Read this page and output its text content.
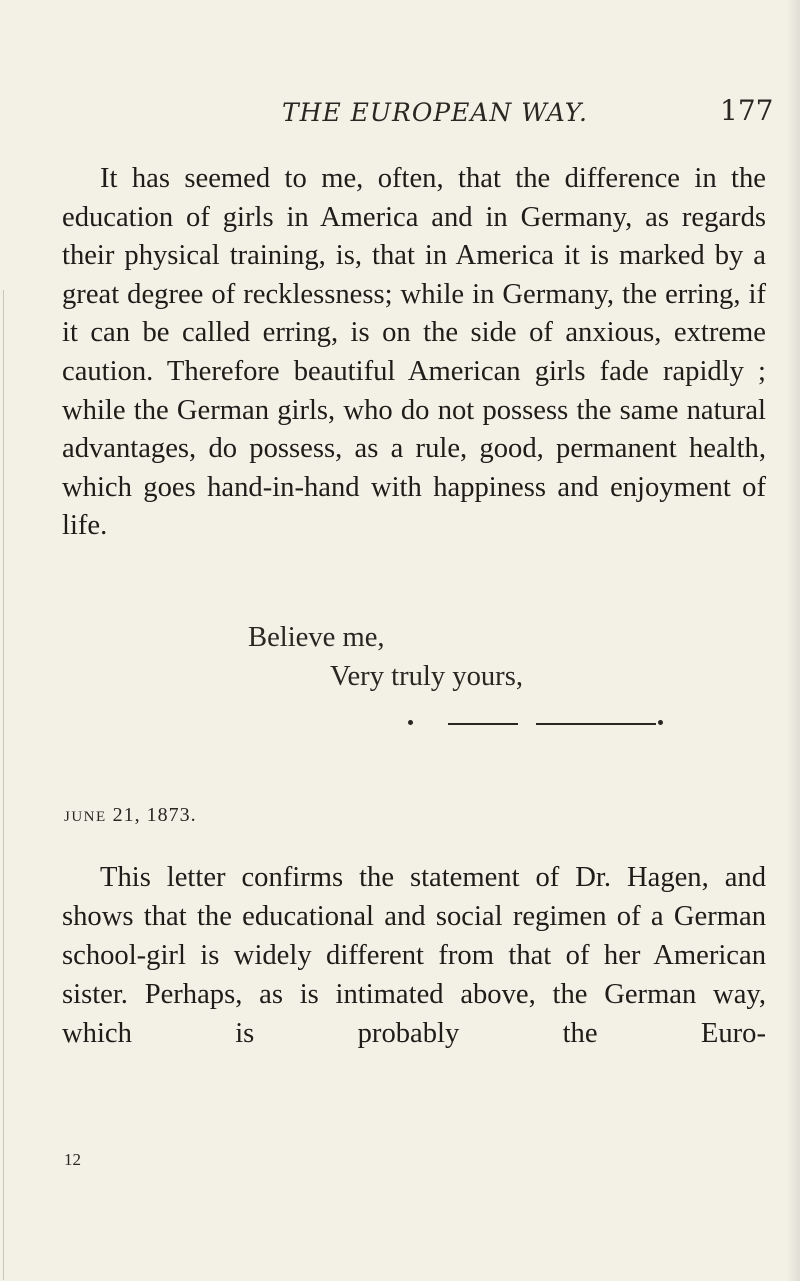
THE EUROPEAN WAY.	177

It has seemed to me, often, that the difference in the education of girls in America and in Germany, as regards their physical training, is, that in America it is marked by a great degree of recklessness; while in Germany, the erring, if it can be called erring, is on the side of anxious, extreme caution. Therefore beautiful American girls fade rapidly ; while the German girls, who do not possess the same natural advantages, do possess, as a rule, good, permanent health, which goes hand-in-hand with happiness and enjoyment of life.

Believe me,
Very truly yours,
JUNE 21, 1873.

This letter confirms the statement of Dr. Hagen, and shows that the educational and social regimen of a German school-girl is widely different from that of her American sister. Perhaps, as is intimated above, the German way, which is probably the Euro-

12
